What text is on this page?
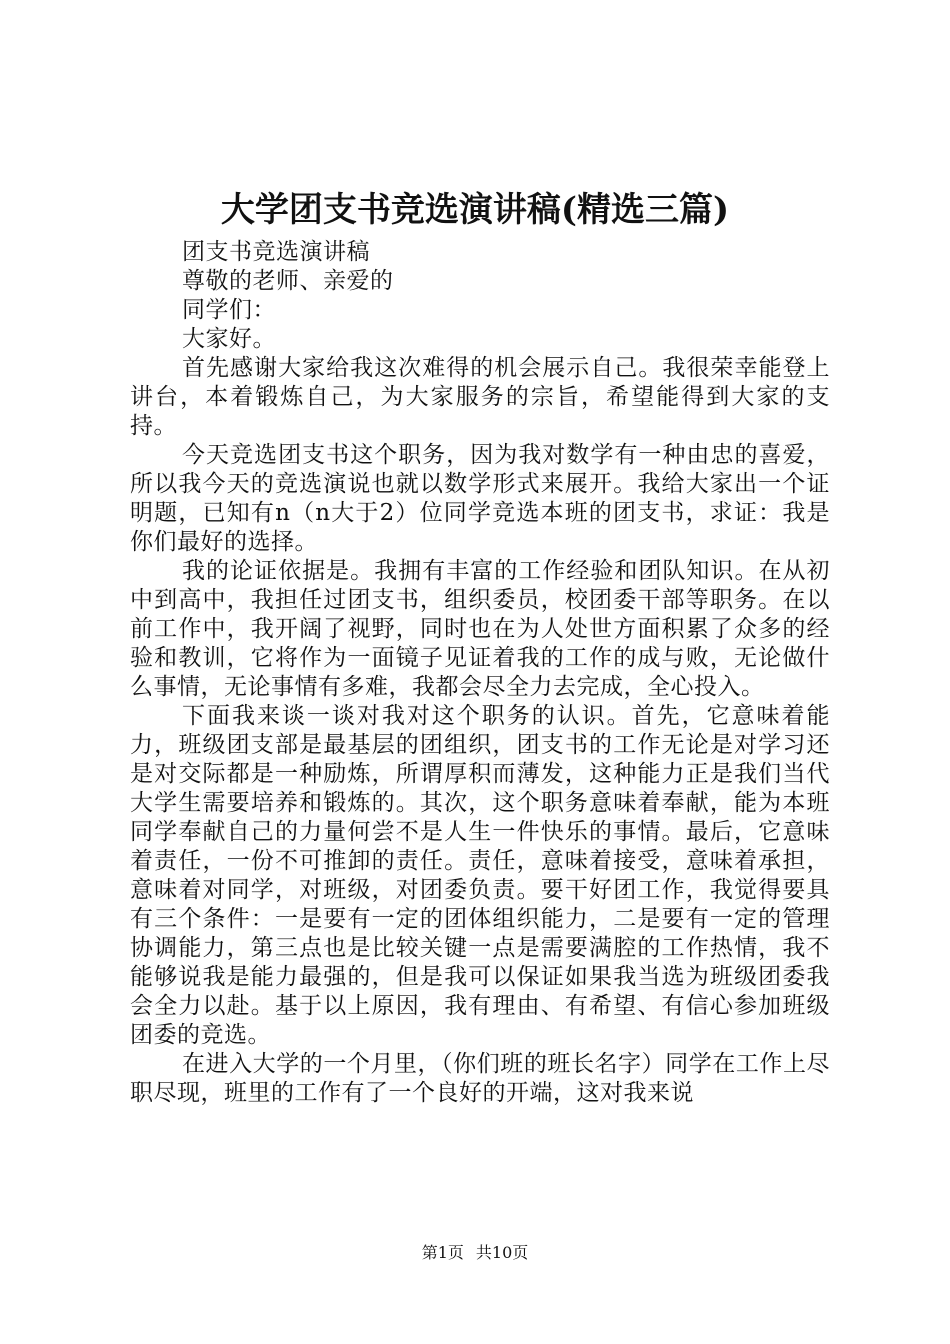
大学团支书竞选演讲稿(精选三篇)

团支书竞选演讲稿

尊敬的老师、亲爱的

同学们：

大家好。

首先感谢大家给我这次难得的机会展示自己。我很荣幸能登上讲台，本着锻炼自己，为大家服务的宗旨，希望能得到大家的支持。

今天竞选团支书这个职务，因为我对数学有一种由忠的喜爱，所以我今天的竞选演说也就以数学形式来展开。我给大家出一个证明题，已知有n（n大于2）位同学竞选本班的团支书，求证：我是你们最好的选择。

我的论证依据是。我拥有丰富的工作经验和团队知识。在从初中到高中，我担任过团支书，组织委员，校团委干部等职务。在以前工作中，我开阔了视野，同时也在为人处世方面积累了众多的经验和教训，它将作为一面镜子见证着我的工作的成与败，无论做什么事情，无论事情有多难，我都会尽全力去完成，全心投入。

下面我来谈一谈对我对这个职务的认识。首先，它意味着能力，班级团支部是最基层的团组织，团支书的工作无论是对学习还是对交际都是一种励炼，所谓厚积而薄发，这种能力正是我们当代大学生需要培养和锻炼的。其次，这个职务意味着奉献，能为本班同学奉献自己的力量何尝不是人生一件快乐的事情。最后，它意味着责任，一份不可推卸的责任。责任，意味着接受，意味着承担，意味着对同学，对班级，对团委负责。要干好团工作，我觉得要具有三个条件：一是要有一定的团体组织能力，二是要有一定的管理协调能力，第三点也是比较关键一点是需要满腔的工作热情，我不能够说我是能力最强的，但是我可以保证如果我当选为班级团委我会全力以赴。基于以上原因，我有理由、有希望、有信心参加班级团委的竞选。

在进入大学的一个月里，（你们班的班长名字）同学在工作上尽职尽现，班里的工作有了一个良好的开端，这对我来说

第1页 共10页
